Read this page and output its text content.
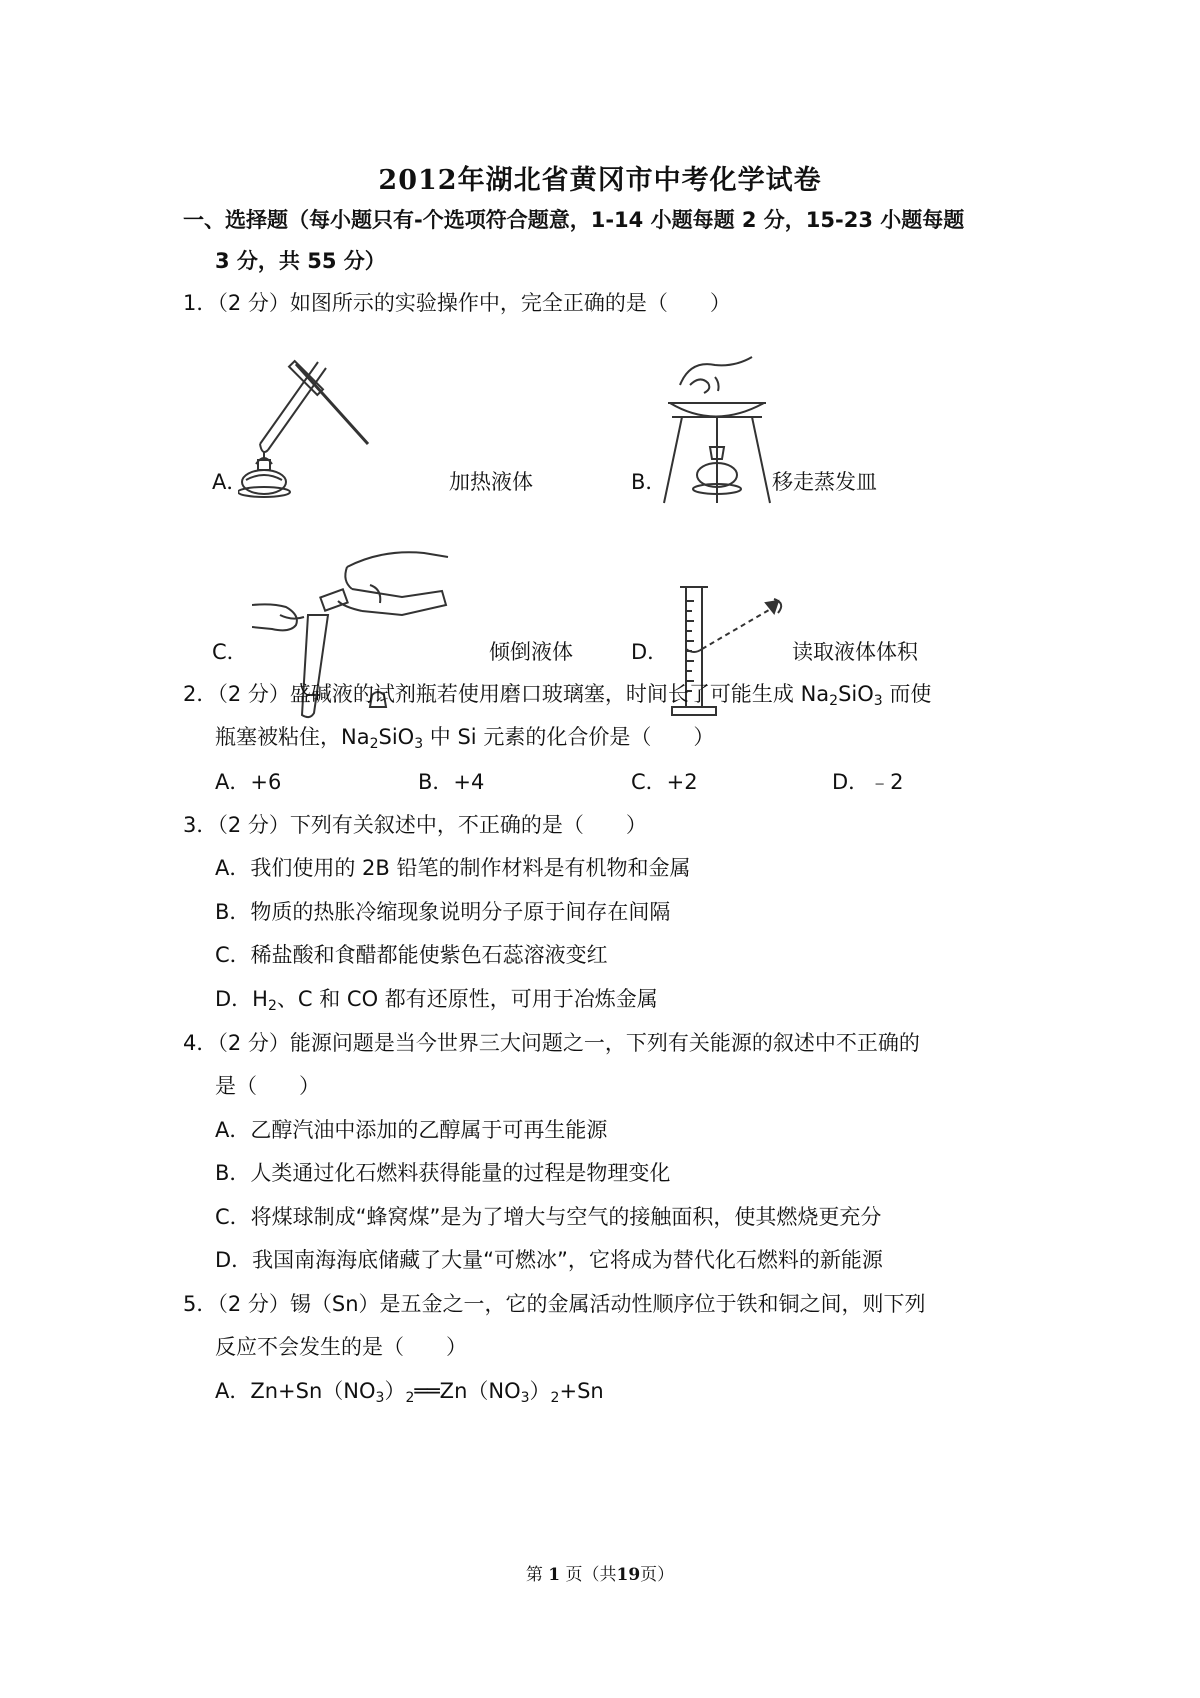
2012年湖北省黄冈市中考化学试卷
一、选择题（每小题只有-个选项符合题意，1-14 小题每题 2 分，15-23 小题每题
3 分，共 55 分）
1．（2 分）如图所示的实验操作中，完全正确的是（　　）
A．	加热液体	B．	移走蒸发皿
C．	倾倒液体	D．	读取液体体积
2．（2 分）盛碱液的试剂瓶若使用磨口玻璃塞，时间长了可能生成 $Na_2SiO_3$ 而使
瓶塞被粘住，$Na_2SiO_3$ 中 Si 元素的化合价是（　　）
A．+6	B．+4	C．+2	D．﹣2
3．（2 分）下列有关叙述中，不正确的是（　　）
A．我们使用的 2B 铅笔的制作材料是有机物和金属
B．物质的热胀冷缩现象说明分子原于间存在间隔
C．稀盐酸和食醋都能使紫色石蕊溶液变红
D．$H_2$、C 和 CO 都有还原性，可用于冶炼金属
4．（2 分）能源问题是当今世界三大问题之一，下列有关能源的叙述中不正确的
是（　　）
A．乙醇汽油中添加的乙醇属于可再生能源
B．人类通过化石燃料获得能量的过程是物理变化
C．将煤球制成“蜂窝煤”是为了增大与空气的接触面积，使其燃烧更充分
D．我国南海海底储藏了大量“可燃冰”，它将成为替代化石燃料的新能源
5．（2 分）锡（Sn）是五金之一，它的金属活动性顺序位于铁和铜之间，则下列
反应不会发生的是（　　）
A．$Zn+Sn(NO_3)_2══Zn(NO_3)_2+Sn$
第 1 页（共19页）
